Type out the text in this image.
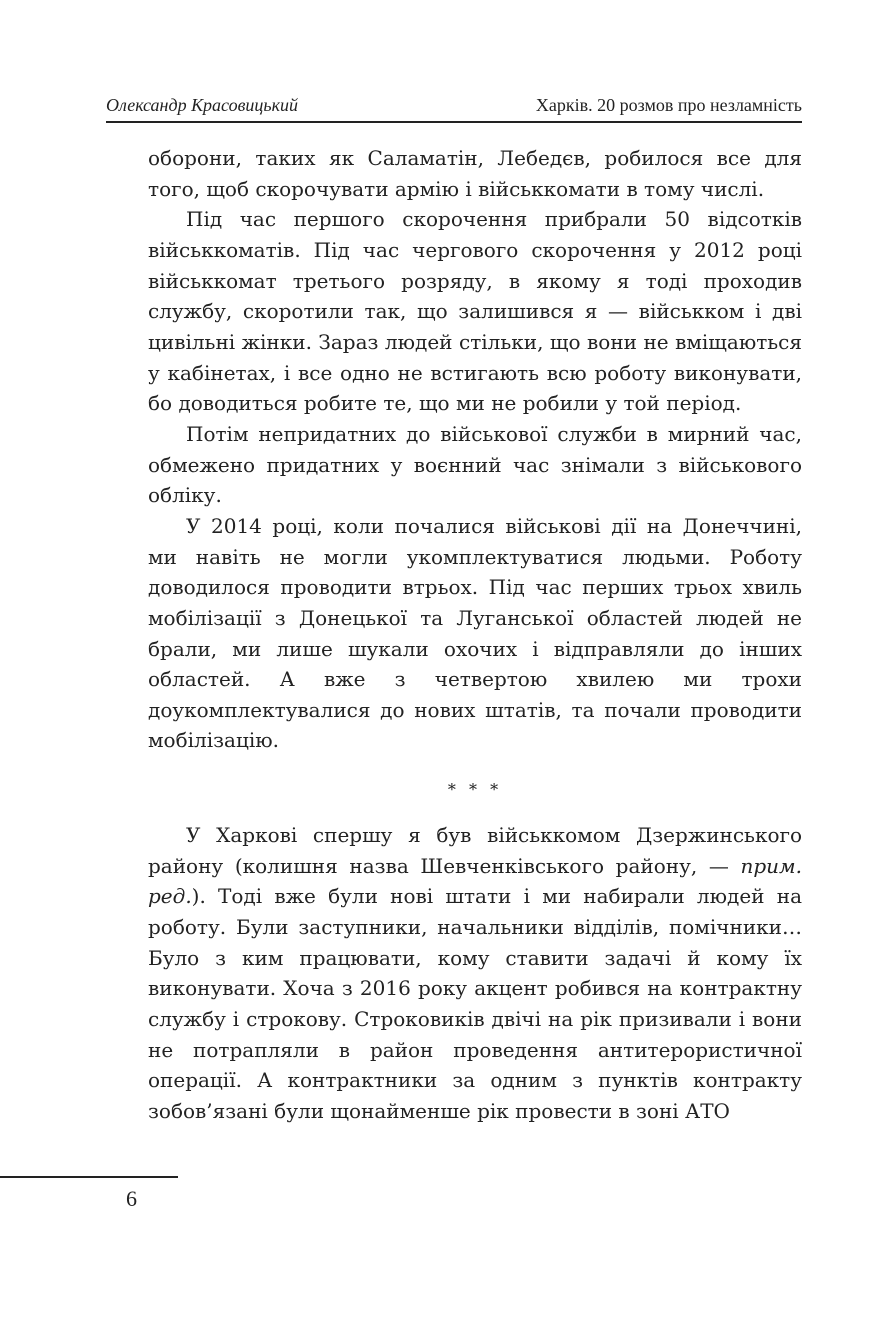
Олександр Красовицький	Харків. 20 розмов про незламність

оборони, таких як Саламатін, Лебедєв, робилося все для того, щоб скорочувати армію і військкомати в тому числі.

Під час першого скорочення прибрали 50 відсотків військкоматів. Під час чергового скорочення у 2012 році військкомат третього розряду, в якому я тоді проходив службу, скоротили так, що залишився я — військком і дві цивільні жінки. Зараз людей стільки, що вони не вміщаються у кабінетах, і все одно не встигають всю роботу виконувати, бо доводиться робите те, що ми не робили у той період.

Потім непридатних до військової служби в мирний час, обмежено придатних у воєнний час знімали з військового обліку.

У 2014 році, коли почалися військові дії на Донеччині, ми навіть не могли укомплектуватися людьми. Роботу доводилося проводити втрьох. Під час перших трьох хвиль мобілізації з Донецької та Луганської областей людей не брали, ми лише шукали охочих і відправляли до інших областей. А вже з четвертою хвилею ми трохи доукомплектувалися до нових штатів, та почали проводити мобілізацію.

* * *

У Харкові спершу я був військкомом Дзержинського району (колишня назва Шевченківського району, — прим. ред.). Тоді вже були нові штати і ми набирали людей на роботу. Були заступники, начальники відділів, помічники… Було з ким працювати, кому ставити задачі й кому їх виконувати. Хоча з 2016 року акцент робився на контрактну службу і строкову. Строковиків двічі на рік призивали і вони не потрапляли в район проведення антитерористичної операції. А контрактники за одним з пунктів контракту зобов’язані були щонайменше рік провести в зоні АТО

6
